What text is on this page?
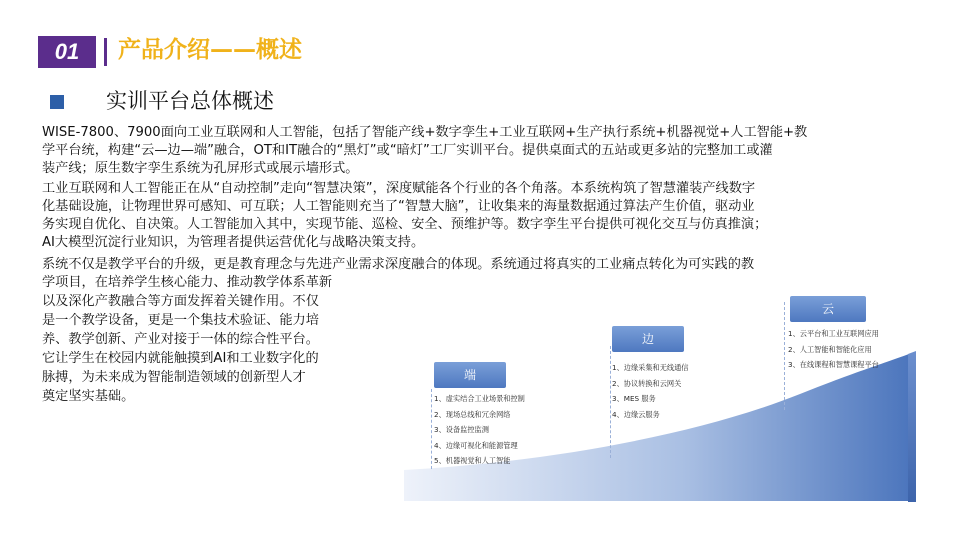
01	产品介绍——概述
实训平台总体概述
WISE-7800、7900面向工业互联网和人工智能，包括了智能产线+数字孪生+工业互联网+生产执行系统+机器视觉+人工智能+教
学平台统，构建“云—边—端”融合，OT和IT融合的“黑灯”或“暗灯”工厂实训平台。提供桌面式的五站或更多站的完整加工或灌
装产线；原生数字孪生系统为孔屏形式或展示墙形式。
工业互联网和人工智能正在从“自动控制”走向“智慧决策”，深度赋能各个行业的各个角落。本系统构筑了智慧灌装产线数字
化基础设施，让物理世界可感知、可互联；人工智能则充当了“智慧大脑”，让收集来的海量数据通过算法产生价值，驱动业
务实现自优化、自决策。人工智能加入其中，实现节能、巡检、安全、预维护等。数字孪生平台提供可视化交互与仿真推演；
AI大模型沉淀行业知识，为管理者提供运营优化与战略决策支持。
系统不仅是教学平台的升级，更是教育理念与先进产业需求深度融合的体现。系统通过将真实的工业痛点转化为可实践的教
学项目，在培养学生核心能力、推动教学体系革新
以及深化产教融合等方面发挥着关键作用。不仅
是一个教学设备，更是一个集技术验证、能力培
养、教学创新、产业对接于一体的综合性平台。
它让学生在校园内就能触摸到AI和工业数字化的
脉搏，为未来成为智能制造领域的创新型人才
奠定坚实基础。
端
1、虚实结合工业场景和控制
2、现场总线和冗余网络
3、设备监控监测
4、边缘可视化和能源管理
5、机器视觉和人工智能
边
1、边缘采集和无线通信
2、协议转换和云网关
3、MES 服务
4、边缘云服务
云
1、云平台和工业互联网应用
2、人工智能和智能化应用
3、在线课程和智慧课程平台
